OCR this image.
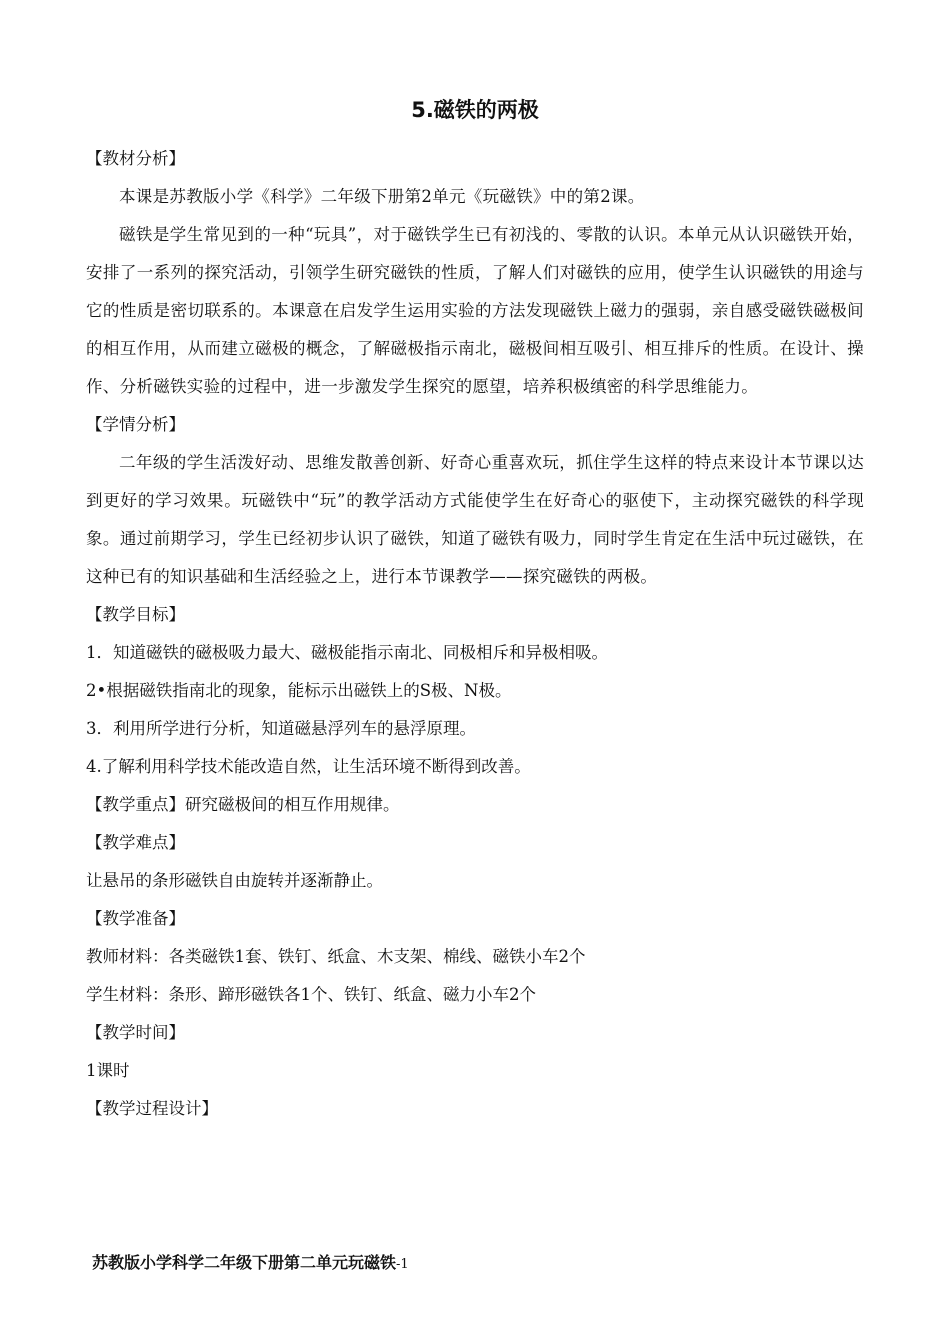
5.磁铁的两极

【教材分析】

本课是苏教版小学《科学》二年级下册第2单元《玩磁铁》中的第2课。

磁铁是学生常见到的一种“玩具”，对于磁铁学生已有初浅的、零散的认识。本单元从认识磁铁开始，安排了一系列的探究活动，引领学生研究磁铁的性质，了解人们对磁铁的应用，使学生认识磁铁的用途与它的性质是密切联系的。本课意在启发学生运用实验的方法发现磁铁上磁力的强弱，亲自感受磁铁磁极间的相互作用，从而建立磁极的概念，了解磁极指示南北，磁极间相互吸引、相互排斥的性质。在设计、操作、分析磁铁实验的过程中，进一步激发学生探究的愿望，培养积极缜密的科学思维能力。

【学情分析】

二年级的学生活泼好动、思维发散善创新、好奇心重喜欢玩，抓住学生这样的特点来设计本节课以达到更好的学习效果。玩磁铁中“玩”的教学活动方式能使学生在好奇心的驱使下，主动探究磁铁的科学现象。通过前期学习，学生已经初步认识了磁铁，知道了磁铁有吸力，同时学生肯定在生活中玩过磁铁，在这种已有的知识基础和生活经验之上，进行本节课教学——探究磁铁的两极。

【教学目标】

1．知道磁铁的磁极吸力最大、磁极能指示南北、同极相斥和异极相吸。

2•根据磁铁指南北的现象，能标示出磁铁上的S极、N极。

3．利用所学进行分析，知道磁悬浮列车的悬浮原理。

4.了解利用科学技术能改造自然，让生活环境不断得到改善。

【教学重点】研究磁极间的相互作用规律。

【教学难点】

让悬吊的条形磁铁自由旋转并逐渐静止。

【教学准备】

教师材料：各类磁铁1套、铁钉、纸盒、木支架、棉线、磁铁小车2个

学生材料：条形、蹄形磁铁各1个、铁钉、纸盒、磁力小车2个

【教学时间】

1课时

【教学过程设计】

苏教版小学科学二年级下册第二单元玩磁铁-1
